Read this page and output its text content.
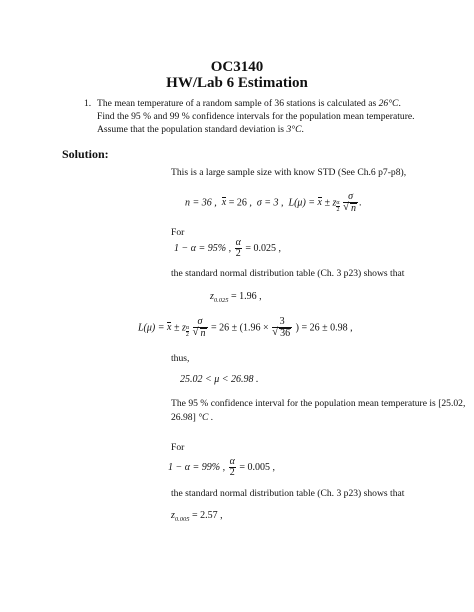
OC3140
HW/Lab 6 Estimation
1. The mean temperature of a random sample of 36 stations is calculated as 26°C.
Find the 95 % and 99 % confidence intervals for the population mean temperature.
Assume that the population standard deviation is 3°C.
Solution:
This is a large sample size with know STD (See Ch.6 p7-p8),
n = 36 , x = 26 , σ = 3 , L(μ) = x ± z $\frac{\alpha}{2}$ σ
√ n .
For
1 − α = 95% , $\frac{\alpha}{2} = 0.025$ ,
the standard normal distribution table (Ch. 3 p23) shows that
$z_{0.025} = 1.96$ ,
L(μ) = x ± z $\frac{\alpha}{2}$ σ
√ n = 26 ± (1.96 × 3
√ 36 ) = 26 ± 0.98 ,
thus,
25.02 < μ < 26.98 .
The 95 % confidence interval for the population mean temperature is [25.02,
26.98] °C .
For
1 − α = 99% , $\frac{\alpha}{2} = 0.005$ ,
the standard normal distribution table (Ch. 3 p23) shows that
$z_{0.005} = 2.57$ ,
